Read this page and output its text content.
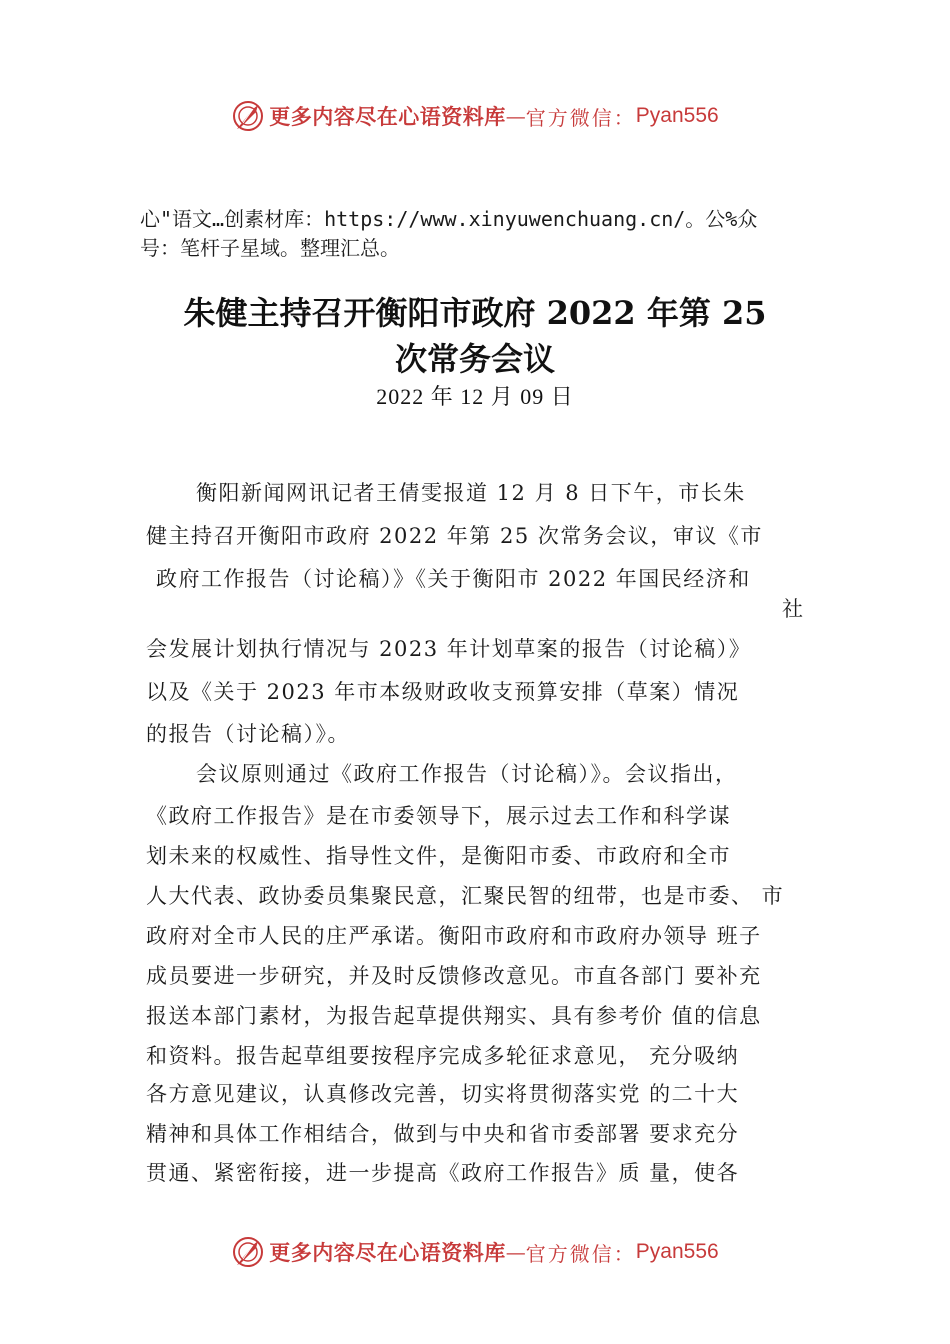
更多内容尽在心语资料库 — 官方微信： Pyan556
心"语文…创素材库：https://www.xinyuwenchuang.cn/。公%众
号：笔杆子星域。整理汇总。
朱健主持召开衡阳市政府 2022 年第 25
次常务会议
2022 年 12 月 09 日
衡阳新闻网讯记者王倩雯报道 12 月 8 日下午，市长朱
健主持召开衡阳市政府 2022 年第 25 次常务会议，审议《市
政府工作报告（讨论稿）》《关于衡阳市 2022 年国民经济和
社
会发展计划执行情况与 2023 年计划草案的报告（讨论稿）》
以及《关于 2023 年市本级财政收支预算安排（草案）情况
的报告（讨论稿）》。
会议原则通过《政府工作报告（讨论稿）》。会议指出，
《政府工作报告》是在市委领导下，展示过去工作和科学谋
划未来的权威性、指导性文件，是衡阳市委、市政府和全市
人大代表、政协委员集聚民意，汇聚民智的纽带，也是市委、 市
政府对全市人民的庄严承诺。衡阳市政府和市政府办领导 班子
成员要进一步研究，并及时反馈修改意见。市直各部门 要补充
报送本部门素材，为报告起草提供翔实、具有参考价 值的信息
和资料。报告起草组要按程序完成多轮征求意见， 充分吸纳
各方意见建议，认真修改完善，切实将贯彻落实党 的二十大
精神和具体工作相结合，做到与中央和省市委部署 要求充分
贯通、紧密衔接，进一步提高《政府工作报告》质 量，使各
更多内容尽在心语资料库 — 官方微信： Pyan556
